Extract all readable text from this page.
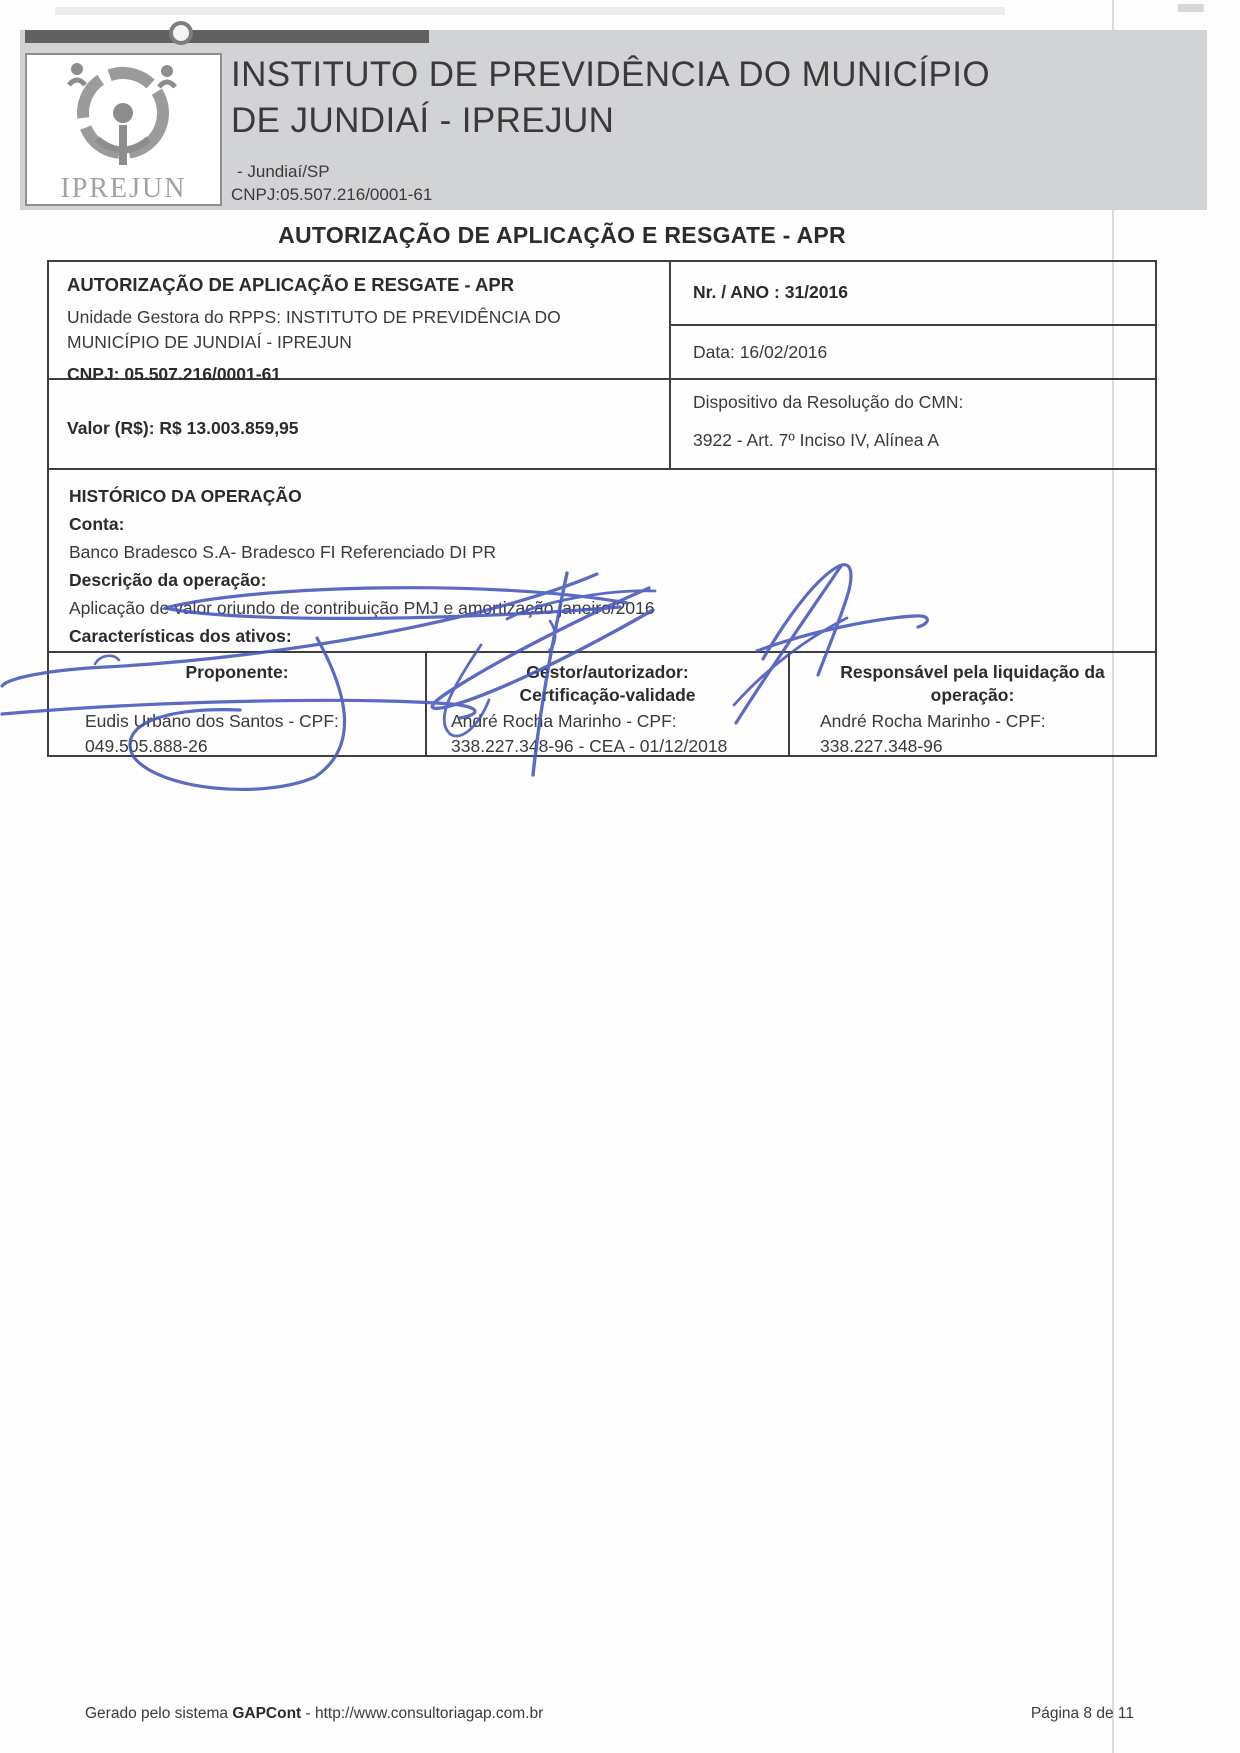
IPREJUN
INSTITUTO DE PREVIDÊNCIA DO MUNICÍPIO
DE JUNDIAÍ - IPREJUN
- Jundiaí/SP
CNPJ:05.507.216/0001-61
AUTORIZAÇÃO DE APLICAÇÃO E RESGATE - APR
AUTORIZAÇÃO DE APLICAÇÃO E RESGATE - APR
Unidade Gestora do RPPS: INSTITUTO DE PREVIDÊNCIA DO MUNICÍPIO DE JUNDIAÍ - IPREJUN
CNPJ: 05.507.216/0001-61
Nr. / ANO : 31/2016
Data: 16/02/2016
Valor (R$): R$ 13.003.859,95
Dispositivo da Resolução do CMN:
3922 - Art. 7º Inciso IV, Alínea A
HISTÓRICO DA OPERAÇÃO
Conta:
Banco Bradesco S.A- Bradesco FI Referenciado DI PR
Descrição da operação:
Aplicação de valor oriundo de contribuição PMJ e amortização janeiro/2016
Características dos ativos:
Proponente:
Eudis Urbano dos Santos - CPF:
049.505.888-26
Gestor/autorizador:
Certificação-validade
André Rocha Marinho - CPF:
338.227.348-96 - CEA - 01/12/2018
Responsável pela liquidação da
operação:
André Rocha Marinho - CPF:
338.227.348-96
Gerado pelo sistema GAPCont - http://www.consultoriagap.com.br	Página 8 de 11
